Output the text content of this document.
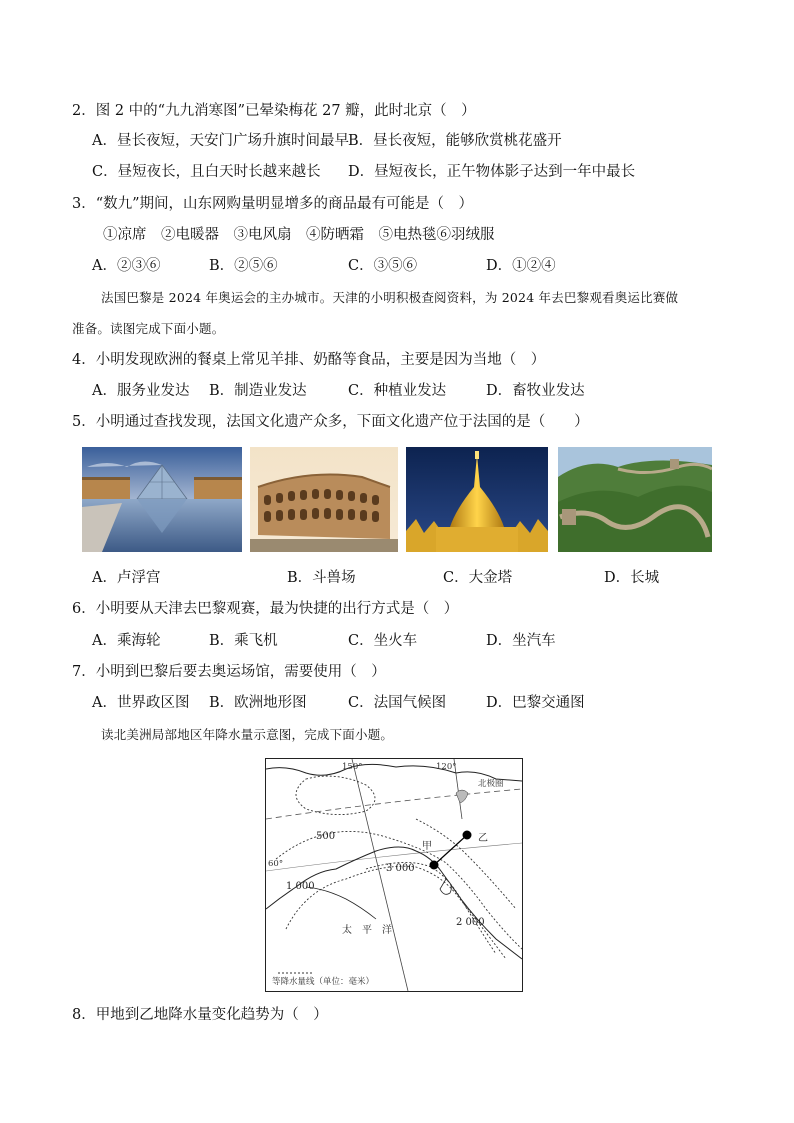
2．图 2 中的“九九消寒图”已晕染梅花 27 瓣，此时北京（　）
A．昼长夜短，天安门广场升旗时间最早 B．昼长夜短，能够欣赏桃花盛开
C．昼短夜长，且白天时长越来越长 D．昼短夜长，正午物体影子达到一年中最长
3．“数九”期间，山东网购量明显增多的商品最有可能是（　）
①凉席　②电暖器　③电风扇　④防晒霜　⑤电热毯⑥羽绒服
A．②③⑥	B．②⑤⑥	C．③⑤⑥	D．①②④
法国巴黎是 2024 年奥运会的主办城市。天津的小明积极查阅资料，为 2024 年去巴黎观看奥运比赛做
准备。读图完成下面小题。
4．小明发现欧洲的餐桌上常见羊排、奶酪等食品，主要是因为当地（　）
A．服务业发达 B．制造业发达	C．种植业发达	D．畜牧业发达
5．小明通过查找发现，法国文化遗产众多，下面文化遗产位于法国的是（　　）
A．卢浮宫	B．斗兽场	C．大金塔	D．长城
6．小明要从天津去巴黎观赛，最为快捷的出行方式是（　）
A．乘海轮	B．乘飞机	C．坐火车	D．坐汽车
7．小明到巴黎后要去奥运场馆，需要使用（　）
A．世界政区图 B．欧洲地形图	C．法国气候图	D．巴黎交通图
读北美洲局部地区年降水量示意图，完成下面小题。
150°	120°
北极圈
60°
500
1 000
3 000
2 000
甲
乙
太　平　洋
等降水量线（单位：毫米）
8．甲地到乙地降水量变化趋势为（　）
